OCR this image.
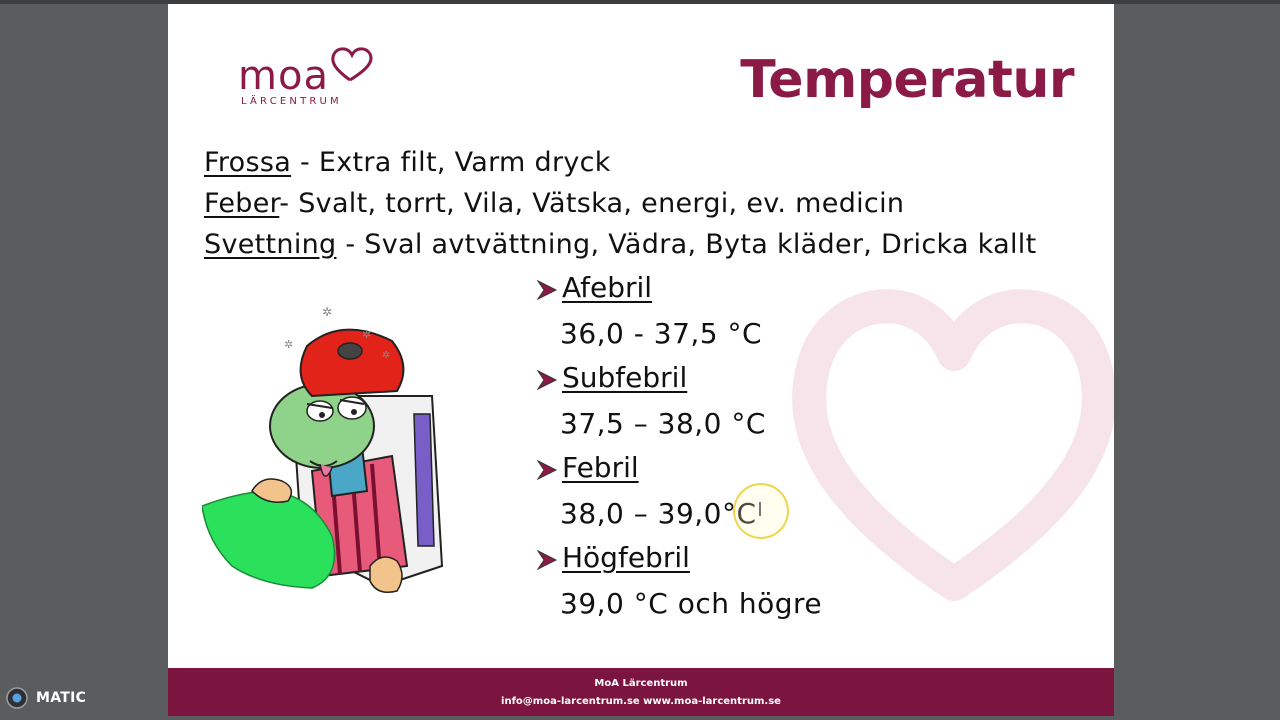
moa
LÄRCENTRUM	Temperatur
Frossa - Extra filt, Varm dryck
Feber- Svalt, torrt, Vila, Vätska, energi, ev. medicin
Svettning - Sval avtvättning, Vädra, Byta kläder, Dricka kallt
✲
✲
✲
✲
Afebril
36,0 - 37,5 °C
Subfebril
37,5 – 38,0 °C
Febril
38,0 – 39,0°C
Högfebril
39,0 °C och högre
MoA Lärcentrum
info@moa-larcentrum.se www.moa-larcentrum.se
MATIC
